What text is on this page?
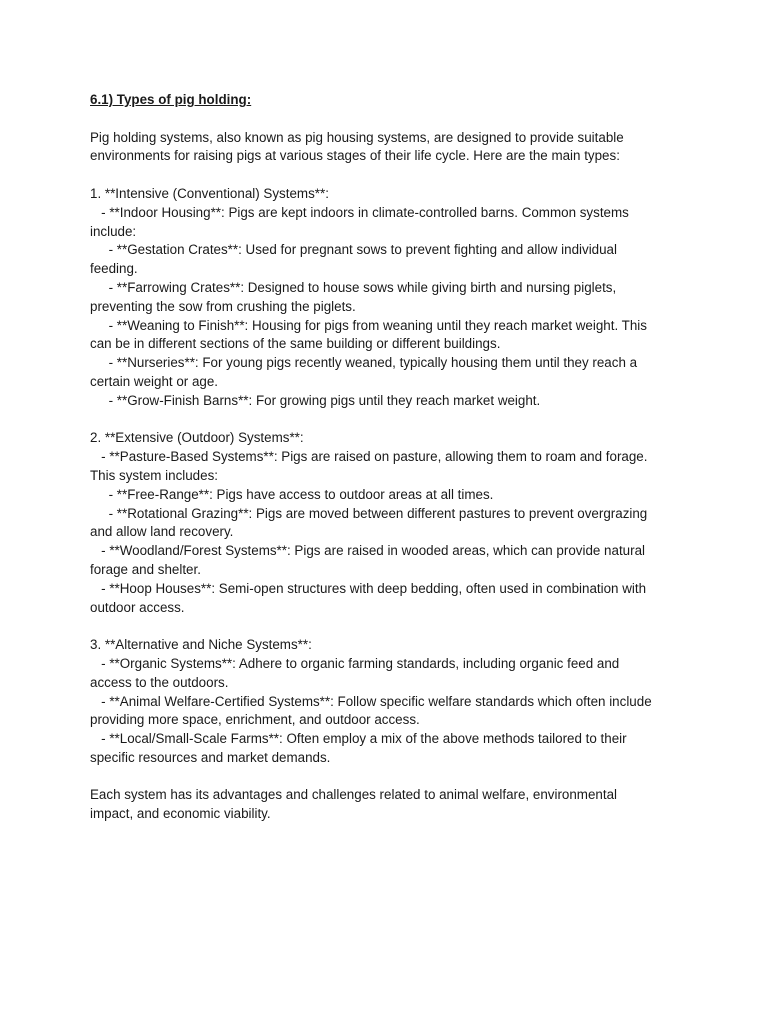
6.1) Types of pig holding:

Pig holding systems, also known as pig housing systems, are designed to provide suitable

environments for raising pigs at various stages of their life cycle. Here are the main types:

1. **Intensive (Conventional) Systems**:

- **Indoor Housing**: Pigs are kept indoors in climate-controlled barns. Common systems

include:

- **Gestation Crates**: Used for pregnant sows to prevent fighting and allow individual

feeding.

- **Farrowing Crates**: Designed to house sows while giving birth and nursing piglets,

preventing the sow from crushing the piglets.

- **Weaning to Finish**: Housing for pigs from weaning until they reach market weight. This

can be in different sections of the same building or different buildings.

- **Nurseries**: For young pigs recently weaned, typically housing them until they reach a

certain weight or age.

- **Grow-Finish Barns**: For growing pigs until they reach market weight.

2. **Extensive (Outdoor) Systems**:

- **Pasture-Based Systems**: Pigs are raised on pasture, allowing them to roam and forage.

This system includes:

- **Free-Range**: Pigs have access to outdoor areas at all times.

- **Rotational Grazing**: Pigs are moved between different pastures to prevent overgrazing

and allow land recovery.

- **Woodland/Forest Systems**: Pigs are raised in wooded areas, which can provide natural

forage and shelter.

- **Hoop Houses**: Semi-open structures with deep bedding, often used in combination with

outdoor access.

3. **Alternative and Niche Systems**:

- **Organic Systems**: Adhere to organic farming standards, including organic feed and

access to the outdoors.

- **Animal Welfare-Certified Systems**: Follow specific welfare standards which often include

providing more space, enrichment, and outdoor access.

- **Local/Small-Scale Farms**: Often employ a mix of the above methods tailored to their

specific resources and market demands.

Each system has its advantages and challenges related to animal welfare, environmental

impact, and economic viability.
